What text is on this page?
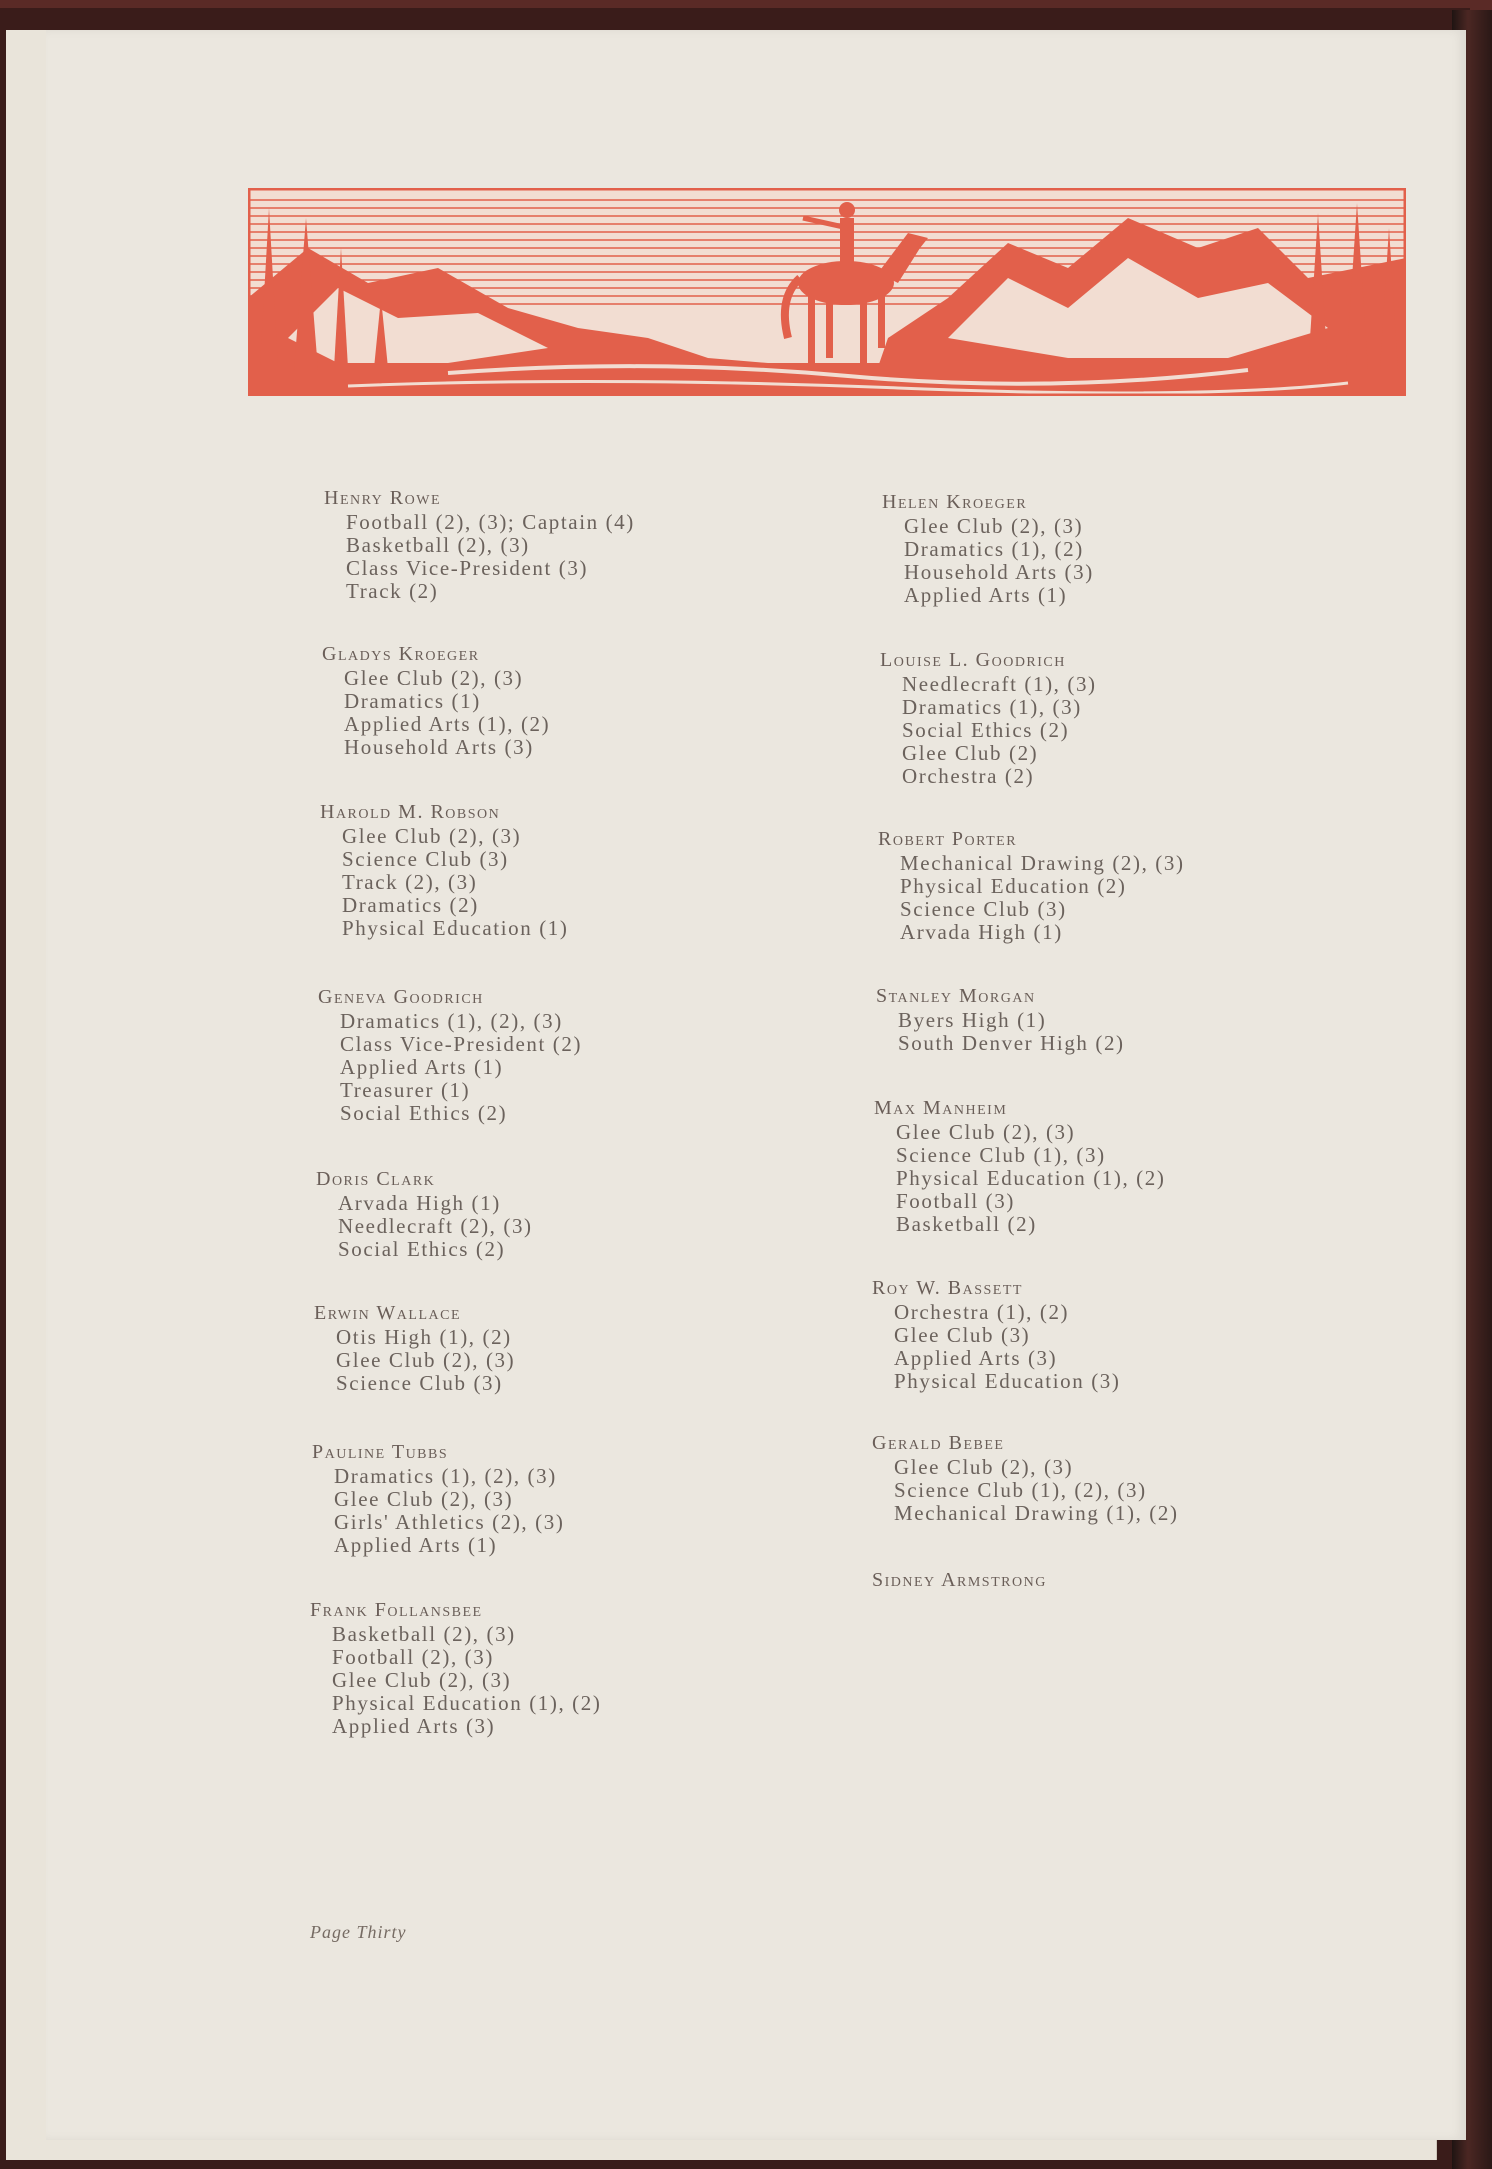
Henry Rowe
Football (2), (3); Captain (4)
Basketball (2), (3)
Class Vice-President (3)
Track (2)
Gladys Kroeger
Glee Club (2), (3)
Dramatics (1)
Applied Arts (1), (2)
Household Arts (3)
Harold M. Robson
Glee Club (2), (3)
Science Club (3)
Track (2), (3)
Dramatics (2)
Physical Education (1)
Geneva Goodrich
Dramatics (1), (2), (3)
Class Vice-President (2)
Applied Arts (1)
Treasurer (1)
Social Ethics (2)
Doris Clark
Arvada High (1)
Needlecraft (2), (3)
Social Ethics (2)
Erwin Wallace
Otis High (1), (2)
Glee Club (2), (3)
Science Club (3)
Pauline Tubbs
Dramatics (1), (2), (3)
Glee Club (2), (3)
Girls' Athletics (2), (3)
Applied Arts (1)
Frank Follansbee
Basketball (2), (3)
Football (2), (3)
Glee Club (2), (3)
Physical Education (1), (2)
Applied Arts (3)
Helen Kroeger
Glee Club (2), (3)
Dramatics (1), (2)
Household Arts (3)
Applied Arts (1)
Louise L. Goodrich
Needlecraft (1), (3)
Dramatics (1), (3)
Social Ethics (2)
Glee Club (2)
Orchestra (2)
Robert Porter
Mechanical Drawing (2), (3)
Physical Education (2)
Science Club (3)
Arvada High (1)
Stanley Morgan
Byers High (1)
South Denver High (2)
Max Manheim
Glee Club (2), (3)
Science Club (1), (3)
Physical Education (1), (2)
Football (3)
Basketball (2)
Roy W. Bassett
Orchestra (1), (2)
Glee Club (3)
Applied Arts (3)
Physical Education (3)
Gerald Bebee
Glee Club (2), (3)
Science Club (1), (2), (3)
Mechanical Drawing (1), (2)
Sidney Armstrong
Page Thirty
